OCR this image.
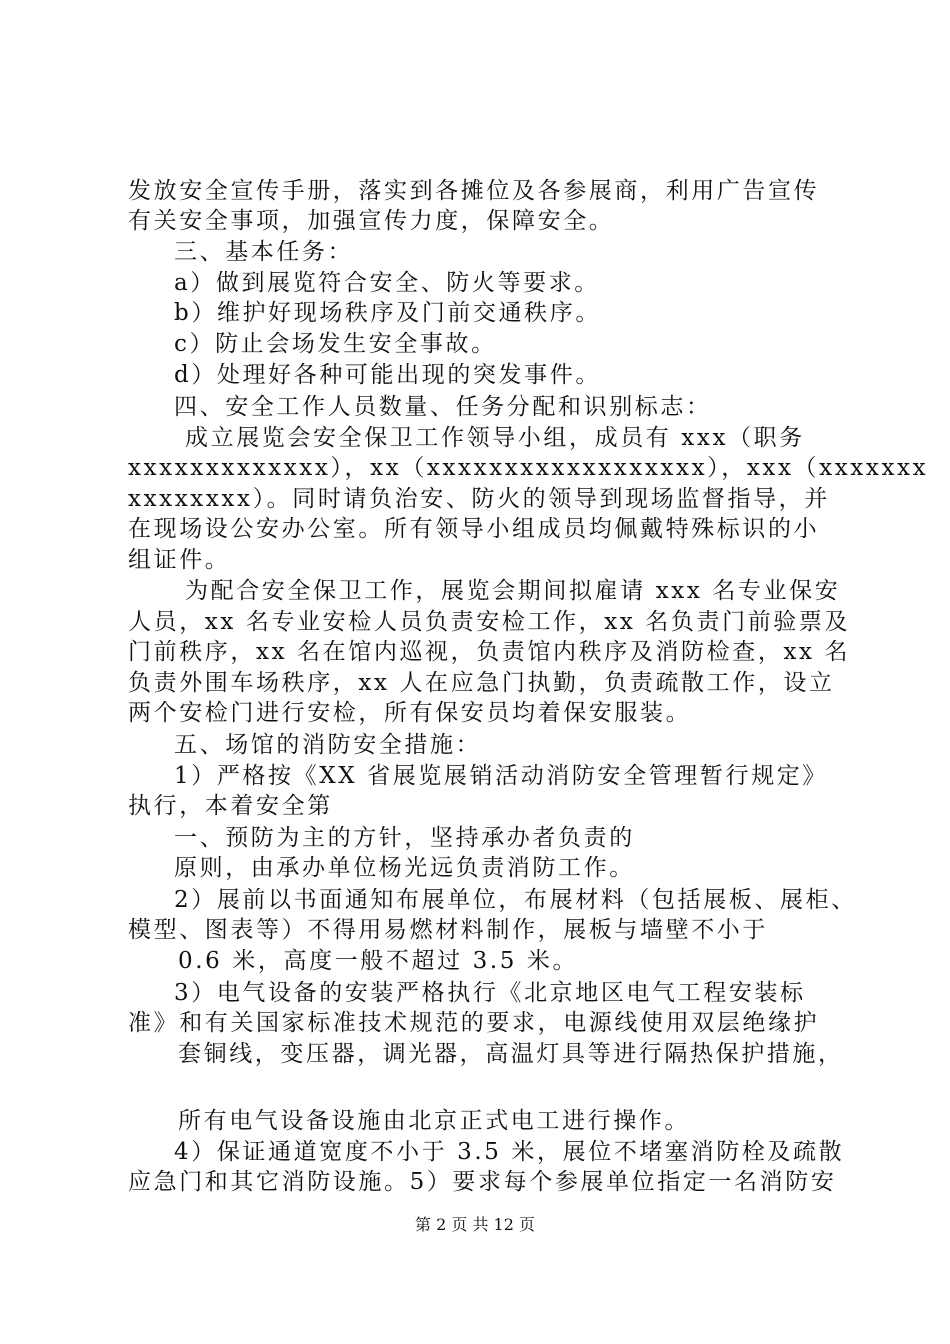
发放安全宣传手册，落实到各摊位及各参展商，利用广告宣传
有关安全事项，加强宣传力度，保障安全。
三、基本任务：
a）做到展览符合安全、防火等要求。
b）维护好现场秩序及门前交通秩序。
c）防止会场发生安全事故。
d）处理好各种可能出现的突发事件。
四、安全工作人员数量、任务分配和识别标志：
成立展览会安全保卫工作领导小组，成员有 xxx（职务
xxxxxxxxxxxxx），xx（xxxxxxxxxxxxxxxxxx），xxx（xxxxxxx
xxxxxxxx）。同时请负治安、防火的领导到现场监督指导，并
在现场设公安办公室。所有领导小组成员均佩戴特殊标识的小
组证件。
为配合安全保卫工作，展览会期间拟雇请 xxx 名专业保安
人员，xx 名专业安检人员负责安检工作，xx 名负责门前验票及
门前秩序，xx 名在馆内巡视，负责馆内秩序及消防检查，xx 名
负责外围车场秩序，xx 人在应急门执勤，负责疏散工作，设立
两个安检门进行安检，所有保安员均着保安服装。
五、场馆的消防安全措施：
1）严格按《XX 省展览展销活动消防安全管理暂行规定》
执行，本着安全第
一、预防为主的方针，坚持承办者负责的
原则，由承办单位杨光远负责消防工作。
2）展前以书面通知布展单位，布展材料（包括展板、展柜、
模型、图表等）不得用易燃材料制作，展板与墙壁不小于
0.6 米，高度一般不超过 3.5 米。
3）电气设备的安装严格执行《北京地区电气工程安装标
准》和有关国家标准技术规范的要求，电源线使用双层绝缘护
套铜线，变压器，调光器，高温灯具等进行隔热保护措施，
所有电气设备设施由北京正式电工进行操作。
4）保证通道宽度不小于 3.5 米，展位不堵塞消防栓及疏散
应急门和其它消防设施。5）要求每个参展单位指定一名消防安
第 2 页 共 12 页
